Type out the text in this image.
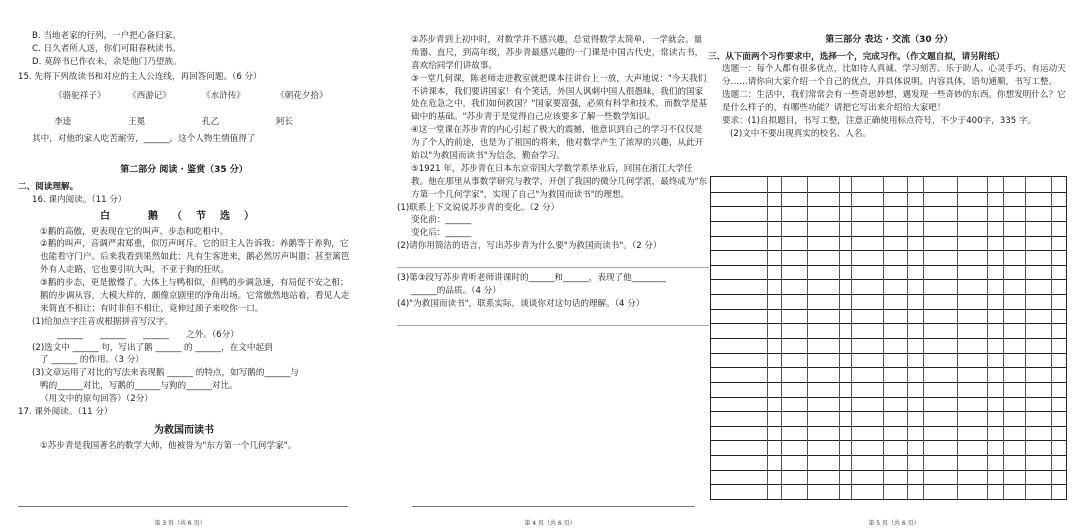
B. 当地老家的行列，一户把心备归家。
C. 日久者所人送，你们可阳春秋读书。
D. 莫辞书已作衣未，余是他门乃望族。
15. 先将下列故读书和对应的主人公连线，再回答问题。（6 分）
《骆驼祥子》	《西游记》	《水浒传》	《朝花夕拾》
李逵	王冕	孔乙	阿长
其中，对他的家人吃苦耐劳，______，这个人物生情值得了
第二部分 阅读 · 鉴赏（35 分）
二、阅读理解。
16. 课内阅读。（11 分）
白　鹅（节选）
①鹅的高傲，更表现在它的叫声、步态和吃相中。
②鹅的叫声，音调严肃郑重，似厉声呵斥。它的旧主人告诉我：养鹅等于养狗，它也能看守门户。后来我看到果然如此：凡有生客进来，鹅必然厉声叫嚣；甚至篱笆外有人走路，它也要引吭大叫，不亚于狗的狂吠。
③鹅的步态，更是傲慢了。大体上与鸭相似，但鸭的步调急速，有局促不安之相；鹅的步调从容，大模大样的，颇像京剧里的净角出场。它常傲然地站着，看见人走来简直不相让；有时非但不相让，竟伸过颈子来咬你一口。
(1)给加点字注音或根据拼音写汉字。
　　______　　______　　______　　之外。（6分）
(2)选文中 ______ 句，写出了鹅 ______ 的 ______，在文中起到
了 ______ 的作用。（3 分）
(3)文章运用了对比的写法来表现鹅 ______ 的特点，如写鹅的______与
鸭的______对比，写鹅的______与狗的______对比。
（用文中的原句回答）（2分）
17. 课外阅读。（11 分）
为救国而读书
①苏步青是我国著名的数学大师，他被誉为"东方第一个几何学家"。
第 3 页（共 6 页）
②苏步青到上初中时，对数学并不感兴趣，总觉得数学太简单，一学就会。量角器、直尺，到高年级，苏步青最感兴趣的一门课是中国古代史，常读古书，喜欢给同学们讲故事。
③一堂几何课，陈老师走进教室就把课本往讲台上一放，大声地说："今天我们不讲课本，我们要讲国家！有个笑话，外国人讽刺中国人很愚昧，我们的国家处在危急之中，我们如何救国？"国家要富强，必须有科学和技术，而数学是基础中的基础。"苏步青于是觉得自己应该要多了解一些数学知识。
④这一堂课在苏步青的内心引起了极大的震撼，他意识到自己的学习不仅仅是为了个人的前途，也是为了祖国的将来，他对数学产生了浓厚的兴趣，从此开始以"为救国而读书"为信念，勤奋学习。
⑤1921 年，苏步青在日本东京帝国大学数学系毕业后，回国在浙江大学任教。他在那里从事数学研究与教学，开创了我国的微分几何学派，最终成为"东方第一个几何学家"，实现了自己"为救国而读书"的理想。
(1)联系上下文说说苏步青的变化。（2 分）
变化前：______
变化后：______
(2)请你用简洁的语言，写出苏步青为什么要"为救国而读书"。（2 分）
(3)第③段写苏步青听老师讲课时的______和______，表现了他________
______的品质。（4 分）
(4)"为救国而读书"，联系实际，谈谈你对这句话的理解。（4 分）
第 4 页（共 6 页）
第三部分 表达 · 交流（30 分）
三、从下面两个习作要求中，选择一个，完成习作。（作文题自拟，请另附纸）
选题一：每个人都有很多优点，比如待人真诚、学习刻苦、乐于助人、心灵手巧、有运动天分……请你向大家介绍一个自己的优点，并具体说明。内容具体，语句通顺，书写工整。
选题二：生活中，我们常常会有一些奇思妙想，遇发现一些奇妙的东西。你想发明什么？它是什么样子的，有哪些功能？请把它写出来介绍给大家吧！
要求：(1)自拟题目，书写工整，注意正确使用标点符号，不少于400字，335 字。
(2)文中不要出现真实的校名、人名。
第 5 页（共 6 页）
